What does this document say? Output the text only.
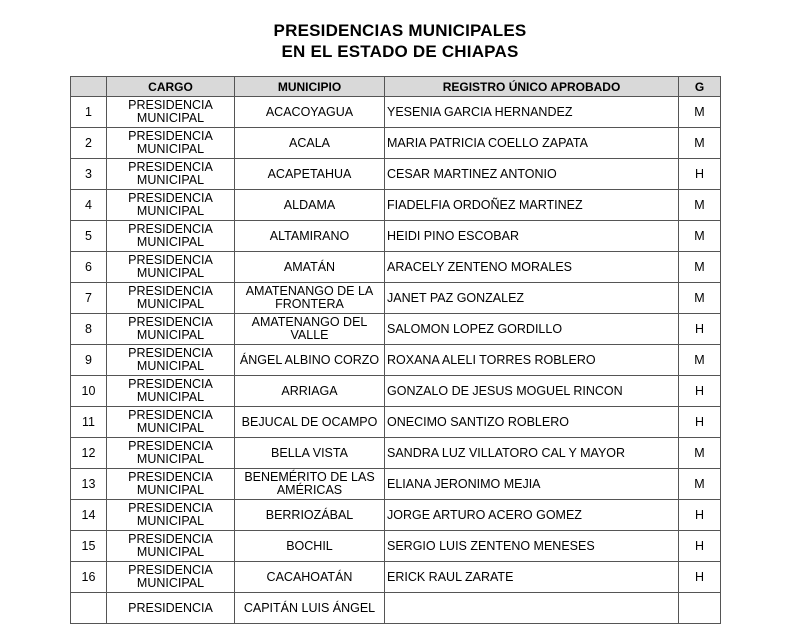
PRESIDENCIAS MUNICIPALES
EN EL ESTADO DE CHIAPAS
	CARGO	MUNICIPIO	REGISTRO ÚNICO APROBADO	G
1	PRESIDENCIA MUNICIPAL	ACACOYAGUA	YESENIA GARCIA HERNANDEZ	M
2	PRESIDENCIA MUNICIPAL	ACALA	MARIA PATRICIA COELLO ZAPATA	M
3	PRESIDENCIA MUNICIPAL	ACAPETAHUA	CESAR MARTINEZ ANTONIO	H
4	PRESIDENCIA MUNICIPAL	ALDAMA	FIADELFIA ORDOÑEZ MARTINEZ	M
5	PRESIDENCIA MUNICIPAL	ALTAMIRANO	HEIDI PINO ESCOBAR	M
6	PRESIDENCIA MUNICIPAL	AMATÁN	ARACELY ZENTENO MORALES	M
7	PRESIDENCIA MUNICIPAL	AMATENANGO DE LA FRONTERA	JANET PAZ GONZALEZ	M
8	PRESIDENCIA MUNICIPAL	AMATENANGO DEL VALLE	SALOMON LOPEZ GORDILLO	H
9	PRESIDENCIA MUNICIPAL	ÁNGEL ALBINO CORZO	ROXANA ALELI TORRES ROBLERO	M
10	PRESIDENCIA MUNICIPAL	ARRIAGA	GONZALO DE JESUS MOGUEL RINCON	H
11	PRESIDENCIA MUNICIPAL	BEJUCAL DE OCAMPO	ONECIMO SANTIZO ROBLERO	H
12	PRESIDENCIA MUNICIPAL	BELLA VISTA	SANDRA LUZ VILLATORO CAL Y MAYOR	M
13	PRESIDENCIA MUNICIPAL	BENEMÉRITO DE LAS AMÉRICAS	ELIANA JERONIMO MEJIA	M
14	PRESIDENCIA MUNICIPAL	BERRIOZÁBAL	JORGE ARTURO ACERO GOMEZ	H
15	PRESIDENCIA MUNICIPAL	BOCHIL	SERGIO LUIS ZENTENO MENESES	H
16	PRESIDENCIA MUNICIPAL	CACAHOATÁN	ERICK RAUL ZARATE	H
	PRESIDENCIA	CAPITÁN LUIS ÁNGEL		
